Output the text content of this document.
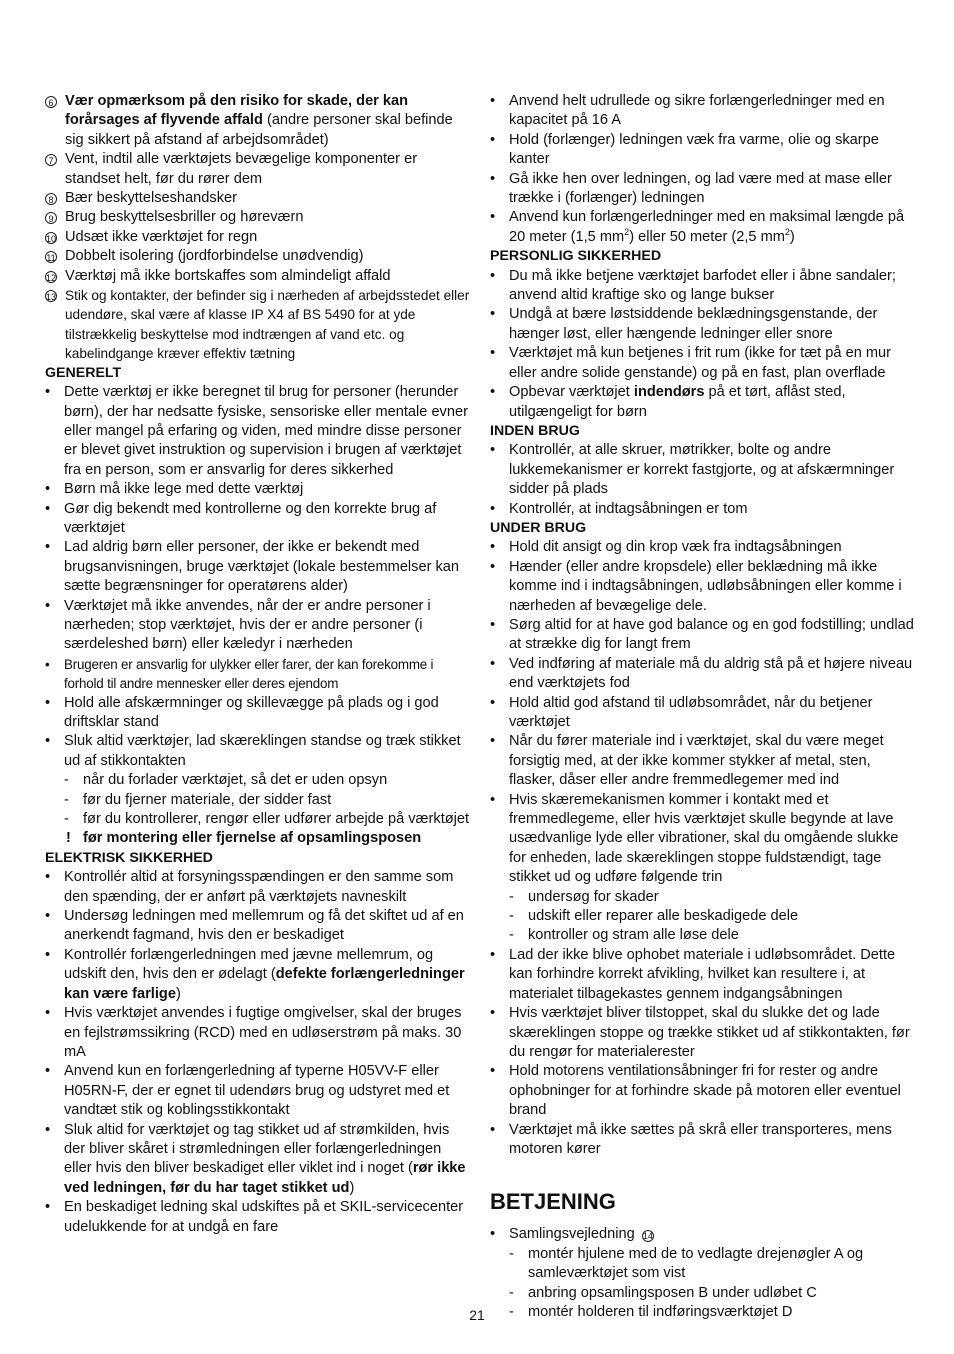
6 Vær opmærksom på den risiko for skade, der kan forårsages af flyvende affald (andre personer skal befinde sig sikkert på afstand af arbejdsområdet)
7 Vent, indtil alle værktøjets bevægelige komponenter er standset helt, før du rører dem
8 Bær beskyttelseshandsker
9 Brug beskyttelsesbriller og høreværn
10 Udsæt ikke værktøjet for regn
11 Dobbelt isolering (jordforbindelse unødvendig)
12 Værktøj må ikke bortskaffes som almindeligt affald
13 Stik og kontakter, der befinder sig i nærheden af arbejdsstedet eller udendøre, skal være af klasse IP X4 af BS 5490 for at yde tilstrækkelig beskyttelse mod indtrængen af vand etc. og kabelindgange kræver effektiv tætning
GENERELT
• Dette værktøj er ikke beregnet til brug for personer (herunder børn), der har nedsatte fysiske, sensoriske eller mentale evner eller mangel på erfaring og viden, med mindre disse personer er blevet givet instruktion og supervision i brugen af værktøjet fra en person, som er ansvarlig for deres sikkerhed
• Børn må ikke lege med dette værktøj
• Gør dig bekendt med kontrollerne og den korrekte brug af værktøjet
• Lad aldrig børn eller personer, der ikke er bekendt med brugsanvisningen, bruge værktøjet (lokale bestemmelser kan sætte begrænsninger for operatørens alder)
• Værktøjet må ikke anvendes, når der er andre personer i nærheden; stop værktøjet, hvis der er andre personer (i særdeleshed børn) eller kæledyr i nærheden
• Brugeren er ansvarlig for ulykker eller farer, der kan forekomme i forhold til andre mennesker eller deres ejendom
• Hold alle afskærmninger og skillevægge på plads og i god driftsklar stand
• Sluk altid værktøjer, lad skæreklingen standse og træk stikket ud af stikkontakten
- når du forlader værktøjet, så det er uden opsyn
- før du fjerner materiale, der sidder fast
- før du kontrollerer, rengør eller udfører arbejde på værktøjet
! før montering eller fjernelse af opsamlingsposen
ELEKTRISK SIKKERHED
• Kontrollér altid at forsyningsspændingen er den samme som den spænding, der er anført på værktøjets navneskilt
• Undersøg ledningen med mellemrum og få det skiftet ud af en anerkendt fagmand, hvis den er beskadiget
• Kontrollér forlængerledningen med jævne mellemrum, og udskift den, hvis den er ødelagt (defekte forlængerledninger kan være farlige)
• Hvis værktøjet anvendes i fugtige omgivelser, skal der bruges en fejlstrømssikring (RCD) med en udløserstrøm på maks. 30 mA
• Anvend kun en forlængerledning af typerne H05VV-F eller H05RN-F, der er egnet til udendørs brug og udstyret med et vandtæt stik og koblingsstikkontakt
• Sluk altid for værktøjet og tag stikket ud af strømkilden, hvis der bliver skåret i strømledningen eller forlængerledningen eller hvis den bliver beskadiget eller viklet ind i noget (rør ikke ved ledningen, før du har taget stikket ud)
• En beskadiget ledning skal udskiftes på et SKIL-servicecenter udelukkende for at undgå en fare
• Anvend helt udrullede og sikre forlængerledninger med en kapacitet på 16 A
• Hold (forlænger) ledningen væk fra varme, olie og skarpe kanter
• Gå ikke hen over ledningen, og lad være med at mase eller trække i (forlænger) ledningen
• Anvend kun forlængerledninger med en maksimal længde på 20 meter (1,5 $mm^2$) eller 50 meter (2,5 $mm^2$)
PERSONLIG SIKKERHED
• Du må ikke betjene værktøjet barfodet eller i åbne sandaler; anvend altid kraftige sko og lange bukser
• Undgå at bære løstsiddende beklædningsgenstande, der hænger løst, eller hængende ledninger eller snore
• Værktøjet må kun betjenes i frit rum (ikke for tæt på en mur eller andre solide genstande) og på en fast, plan overflade
• Opbevar værktøjet indendørs på et tørt, aflåst sted, utilgængeligt for børn
INDEN BRUG
• Kontrollér, at alle skruer, møtrikker, bolte og andre lukkemekanismer er korrekt fastgjorte, og at afskærmninger sidder på plads
• Kontrollér, at indtagsåbningen er tom
UNDER BRUG
• Hold dit ansigt og din krop væk fra indtagsåbningen
• Hænder (eller andre kropsdele) eller beklædning må ikke komme ind i indtagsåbningen, udløbsåbningen eller komme i nærheden af bevægelige dele.
• Sørg altid for at have god balance og en god fodstilling; undlad at strække dig for langt frem
• Ved indføring af materiale må du aldrig stå på et højere niveau end værktøjets fod
• Hold altid god afstand til udløbsområdet, når du betjener værktøjet
• Når du fører materiale ind i værktøjet, skal du være meget forsigtig med, at der ikke kommer stykker af metal, sten, flasker, dåser eller andre fremmedlegemer med ind
• Hvis skæremekanismen kommer i kontakt med et fremmedlegeme, eller hvis værktøjet skulle begynde at lave usædvanlige lyde eller vibrationer, skal du omgående slukke for enheden, lade skæreklingen stoppe fuldstændigt, tage stikket ud og udføre følgende trin
- undersøg for skader
- udskift eller reparer alle beskadigede dele
- kontroller og stram alle løse dele
• Lad der ikke blive ophobet materiale i udløbsområdet. Dette kan forhindre korrekt afvikling, hvilket kan resultere i, at materialet tilbagekastes gennem indgangsåbningen
• Hvis værktøjet bliver tilstoppet, skal du slukke det og lade skæreklingen stoppe og trække stikket ud af stikkontakten, før du rengør for materialerester
• Hold motorens ventilationsåbninger fri for rester og andre ophobninger for at forhindre skade på motoren eller eventuel brand
• Værktøjet må ikke sættes på skrå eller transporteres, mens motoren kører
BETJENING
• Samlingsvejledning 14
- montér hjulene med de to vedlagte drejenøgler A og samleværktøjet som vist
- anbring opsamlingsposen B under udløbet C
- montér holderen til indføringsværktøjet D
21
